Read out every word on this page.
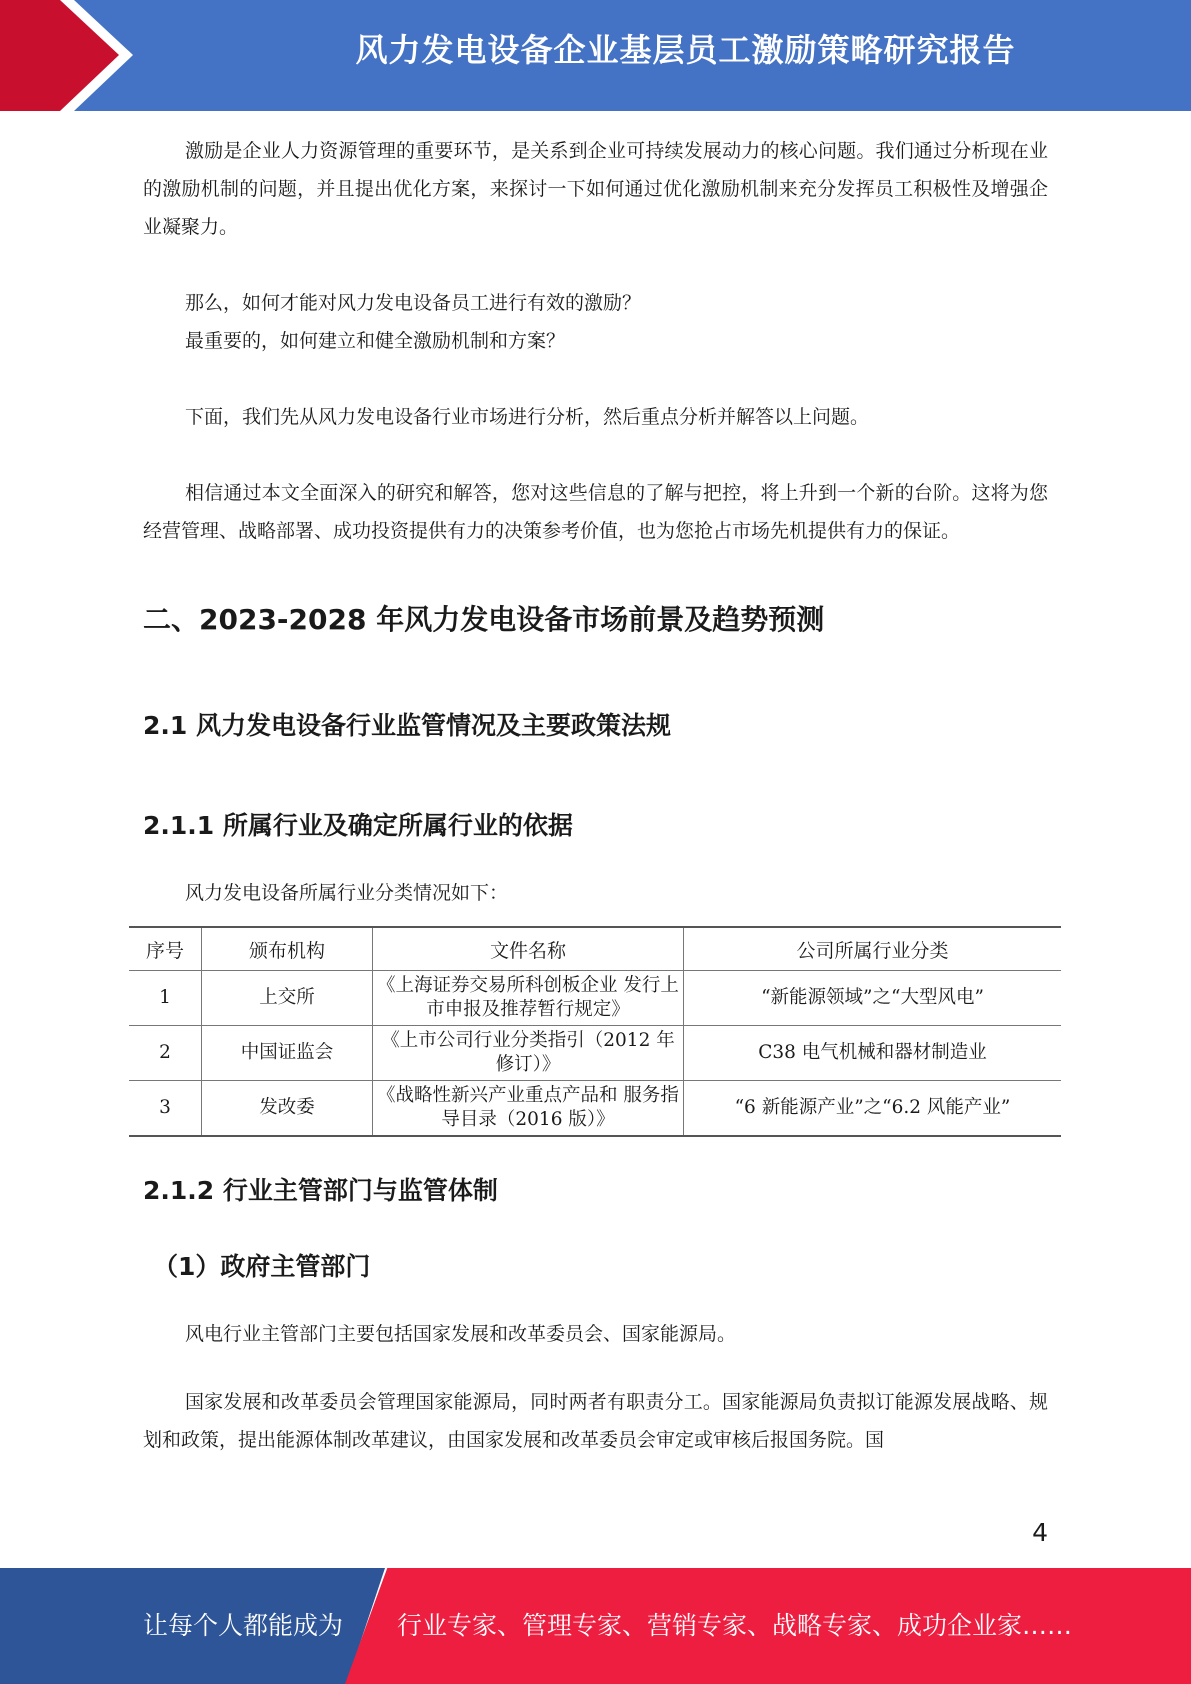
风力发电设备企业基层员工激励策略研究报告

激励是企业人力资源管理的重要环节，是关系到企业可持续发展动力的核心问题。我们通过分析现在业的激励机制的问题，并且提出优化方案，来探讨一下如何通过优化激励机制来充分发挥员工积极性及增强企业凝聚力。

那么，如何才能对风力发电设备员工进行有效的激励？

最重要的，如何建立和健全激励机制和方案？

下面，我们先从风力发电设备行业市场进行分析，然后重点分析并解答以上问题。

相信通过本文全面深入的研究和解答，您对这些信息的了解与把控，将上升到一个新的台阶。这将为您经营管理、战略部署、成功投资提供有力的决策参考价值，也为您抢占市场先机提供有力的保证。

二、2023-2028 年风力发电设备市场前景及趋势预测
2.1 风力发电设备行业监管情况及主要政策法规
2.1.1 所属行业及确定所属行业的依据

风力发电设备所属行业分类情况如下：

序号	颁布机构	文件名称	公司所属行业分类
1	上交所	《上海证券交易所科创板企业 发行上市申报及推荐暂行规定》	“新能源领域”之“大型风电”
2	中国证监会	《上市公司行业分类指引（2012 年修订）》	C38 电气机械和器材制造业
3	发改委	《战略性新兴产业重点产品和 服务指导目录（2016 版）》	“6 新能源产业”之“6.2 风能产业”
2.1.2 行业主管部门与监管体制
（1）政府主管部门

风电行业主管部门主要包括国家发展和改革委员会、国家能源局。

国家发展和改革委员会管理国家能源局，同时两者有职责分工。国家能源局负责拟订能源发展战略、规划和政策，提出能源体制改革建议，由国家发展和改革委员会审定或审核后报国务院。国

4
让每个人都能成为 行业专家、管理专家、营销专家、战略专家、成功企业家……
